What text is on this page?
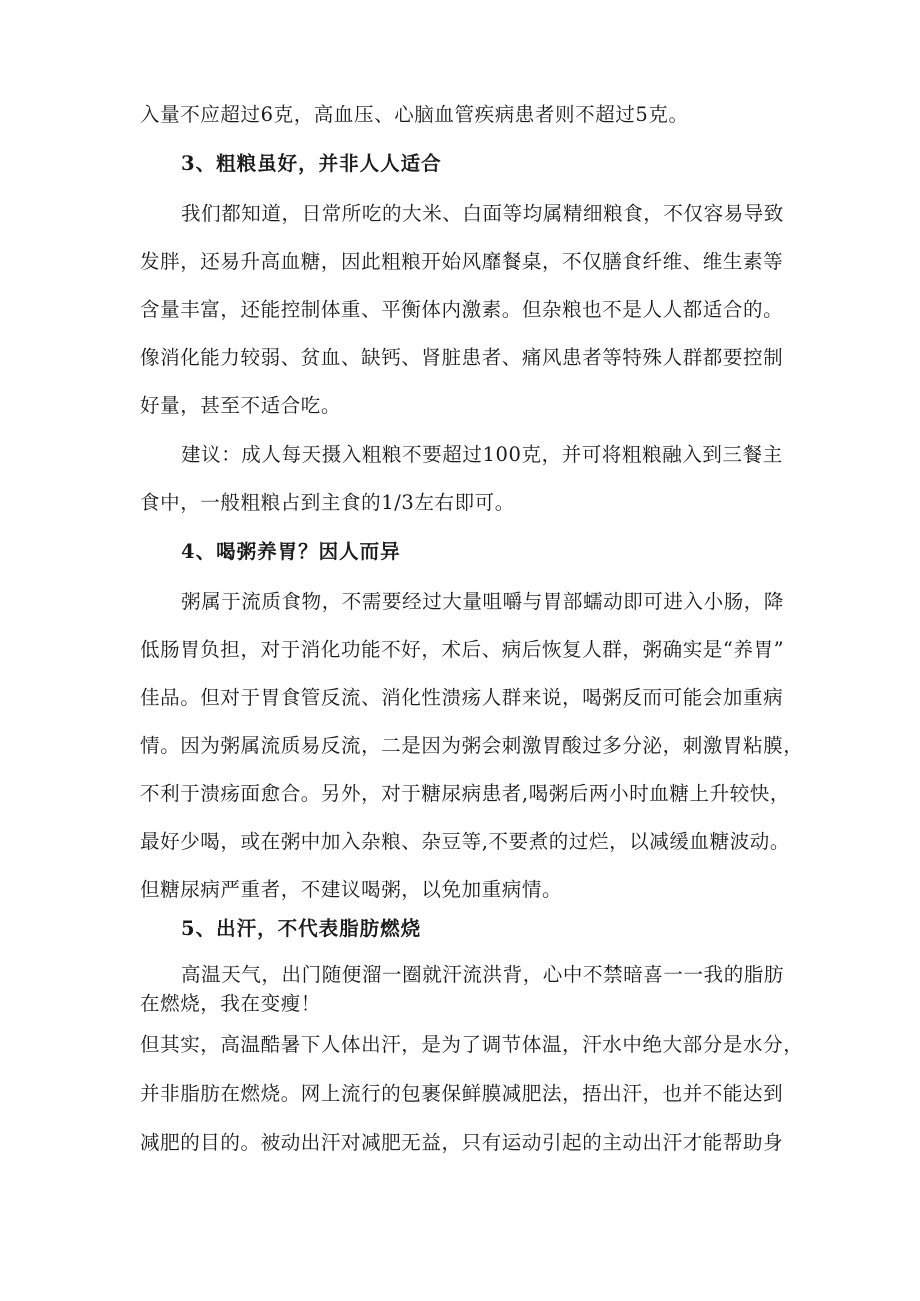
入量不应超过6克，高血压、心脑血管疾病患者则不超过5克。
3、粗粮虽好，并非人人适合
我们都知道，日常所吃的大米、白面等均属精细粮食，不仅容易导致
发胖，还易升高血糖，因此粗粮开始风靡餐桌，不仅膳食纤维、维生素等
含量丰富，还能控制体重、平衡体内激素。但杂粮也不是人人都适合的。
像消化能力较弱、贫血、缺钙、肾脏患者、痛风患者等特殊人群都要控制
好量，甚至不适合吃。
建议：成人每天摄入粗粮不要超过100克，并可将粗粮融入到三餐主
食中，一般粗粮占到主食的1/3左右即可。
4、喝粥养胃？因人而异
粥属于流质食物，不需要经过大量咀嚼与胃部蠕动即可进入小肠，降
低肠胃负担，对于消化功能不好，术后、病后恢复人群，粥确实是“养胃”
佳品。但对于胃食管反流、消化性溃疡人群来说，喝粥反而可能会加重病
情。因为粥属流质易反流，二是因为粥会刺激胃酸过多分泌，刺激胃粘膜，
不利于溃疡面愈合。另外，对于糖尿病患者,喝粥后两小时血糖上升较快，
最好少喝，或在粥中加入杂粮、杂豆等,不要煮的过烂，以减缓血糖波动。
但糖尿病严重者，不建议喝粥，以免加重病情。
5、出汗，不代表脂肪燃烧
高温天气，出门随便溜一圈就汗流洪背，心中不禁暗喜一一我的脂肪
在燃烧，我在变瘦！
但其实，高温酷暑下人体出汗，是为了调节体温，汗水中绝大部分是水分，
并非脂肪在燃烧。网上流行的包裹保鲜膜减肥法，捂出汗，也并不能达到
减肥的目的。被动出汗对减肥无益，只有运动引起的主动出汗才能帮助身
